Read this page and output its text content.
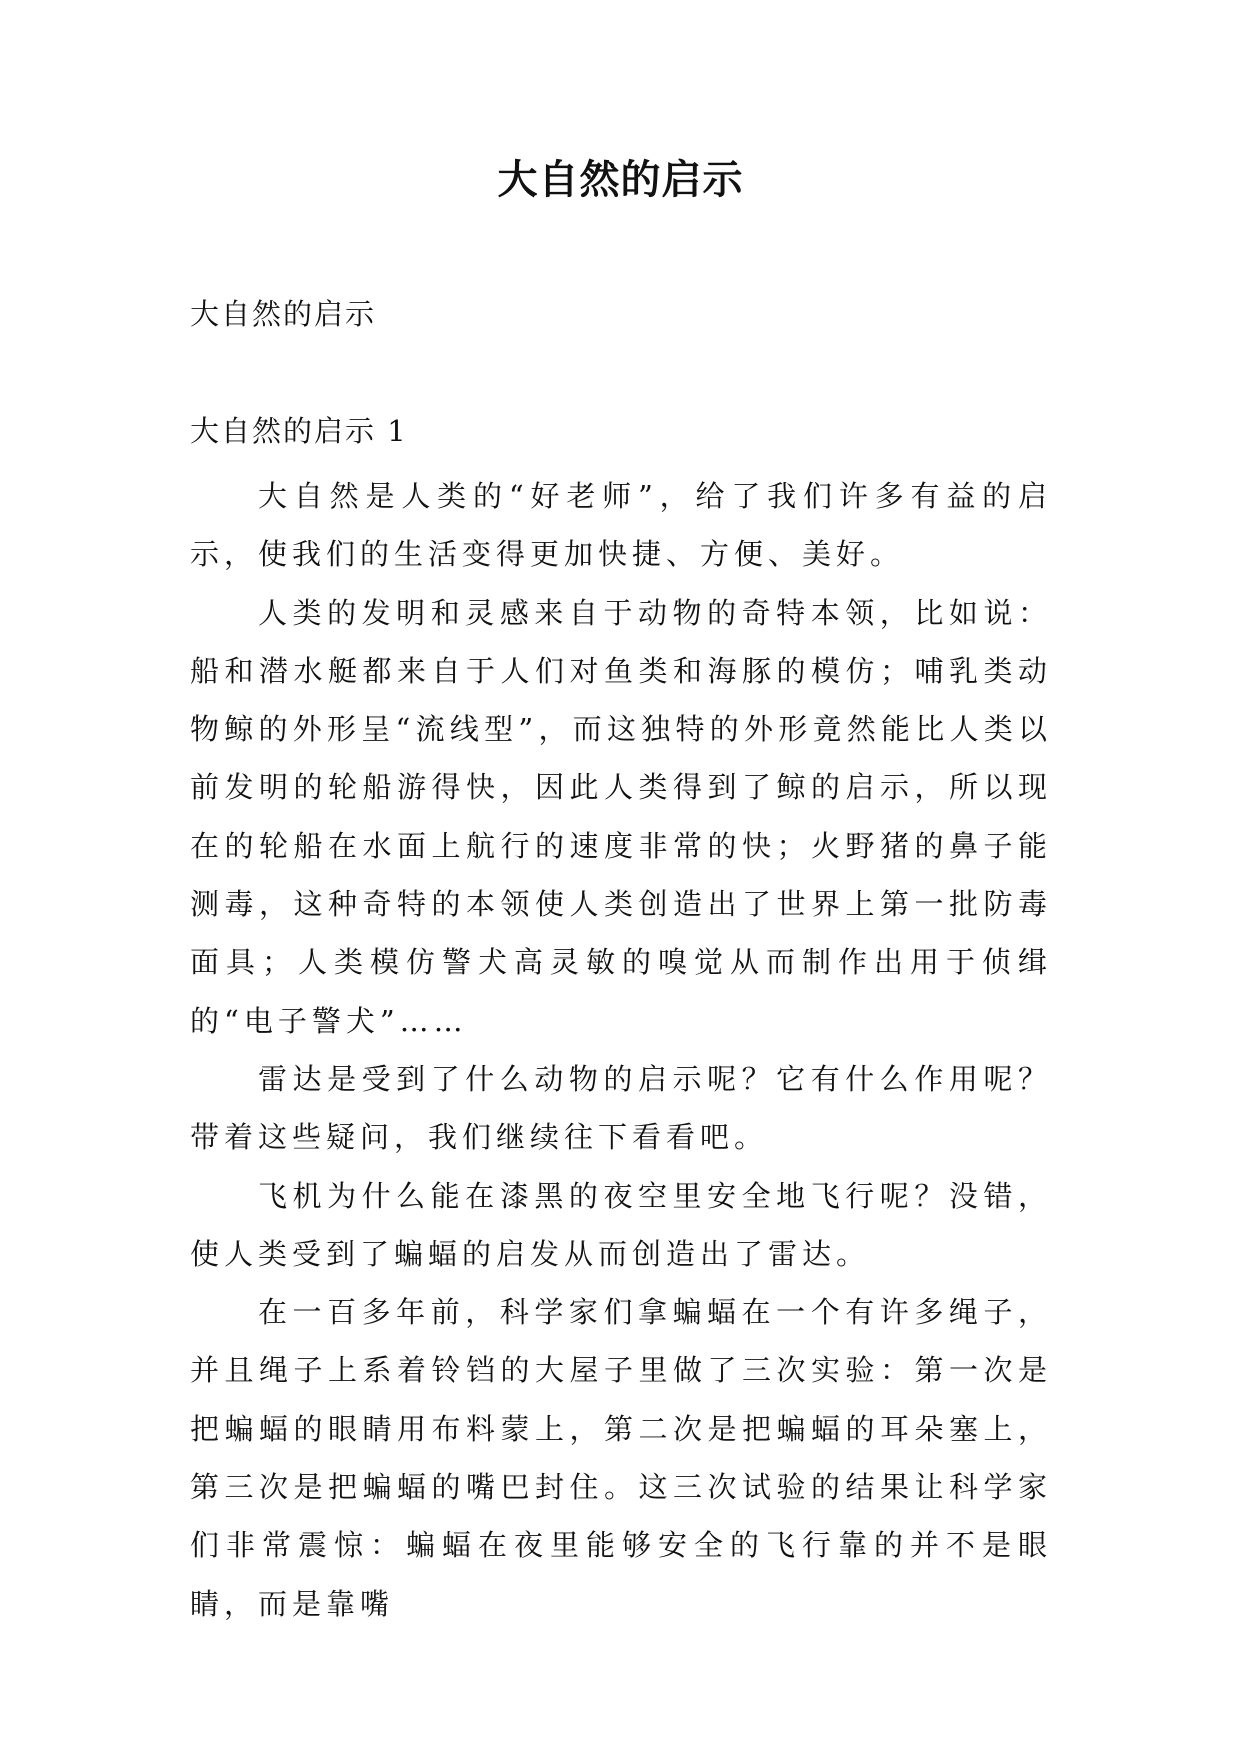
大自然的启示
大自然的启示
大自然的启示 1

大自然是人类的“好老师”，给了我们许多有益的启示，使我们的生活变得更加快捷、方便、美好。

人类的发明和灵感来自于动物的奇特本领，比如说：船和潜水艇都来自于人们对鱼类和海豚的模仿；哺乳类动物鲸的外形呈“流线型”，而这独特的外形竟然能比人类以前发明的轮船游得快，因此人类得到了鲸的启示，所以现在的轮船在水面上航行的速度非常的快；火野猪的鼻子能测毒，这种奇特的本领使人类创造出了世界上第一批防毒面具；人类模仿警犬高灵敏的嗅觉从而制作出用于侦缉的“电子警犬”……

雷达是受到了什么动物的启示呢？它有什么作用呢？带着这些疑问，我们继续往下看看吧。

飞机为什么能在漆黑的夜空里安全地飞行呢？没错，使人类受到了蝙蝠的启发从而创造出了雷达。

在一百多年前，科学家们拿蝙蝠在一个有许多绳子，并且绳子上系着铃铛的大屋子里做了三次实验：第一次是把蝙蝠的眼睛用布料蒙上，第二次是把蝙蝠的耳朵塞上，第三次是把蝙蝠的嘴巴封住。这三次试验的结果让科学家们非常震惊：蝙蝠在夜里能够安全的飞行靠的并不是眼睛，而是靠嘴
